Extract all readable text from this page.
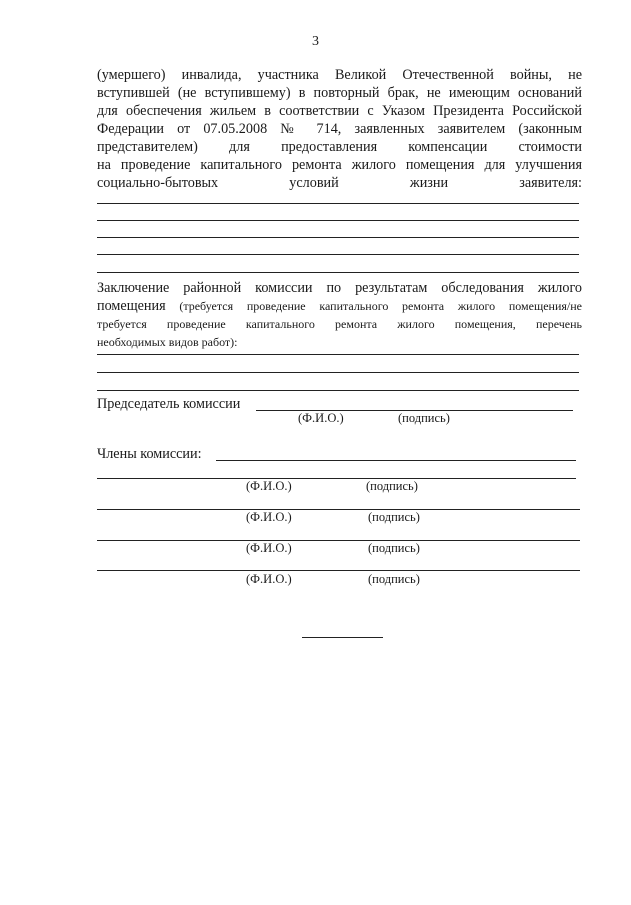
3
(умершего) инвалида, участника Великой Отечественной войны, не
вступившей (не вступившему) в повторный брак, не имеющим оснований
для обеспечения жильем в соответствии с Указом Президента Российской
Федерации от 07.05.2008 № 714, заявленных заявителем (законным
представителем) для предоставления компенсации стоимости
на проведение капитального ремонта жилого помещения для улучшения
социально-бытовых условий жизни заявителя:
Заключение районной комиссии по результатам обследования жилого
помещения (требуется проведение капитального ремонта жилого помещения/не
требуется проведение капитального ремонта жилого помещения, перечень
необходимых видов работ):
Председатель комиссии
(Ф.И.О.)	(подпись)
Члены комиссии:
(Ф.И.О.)	(подпись)
(Ф.И.О.)	(подпись)
(Ф.И.О.)	(подпись)
(Ф.И.О.)	(подпись)
